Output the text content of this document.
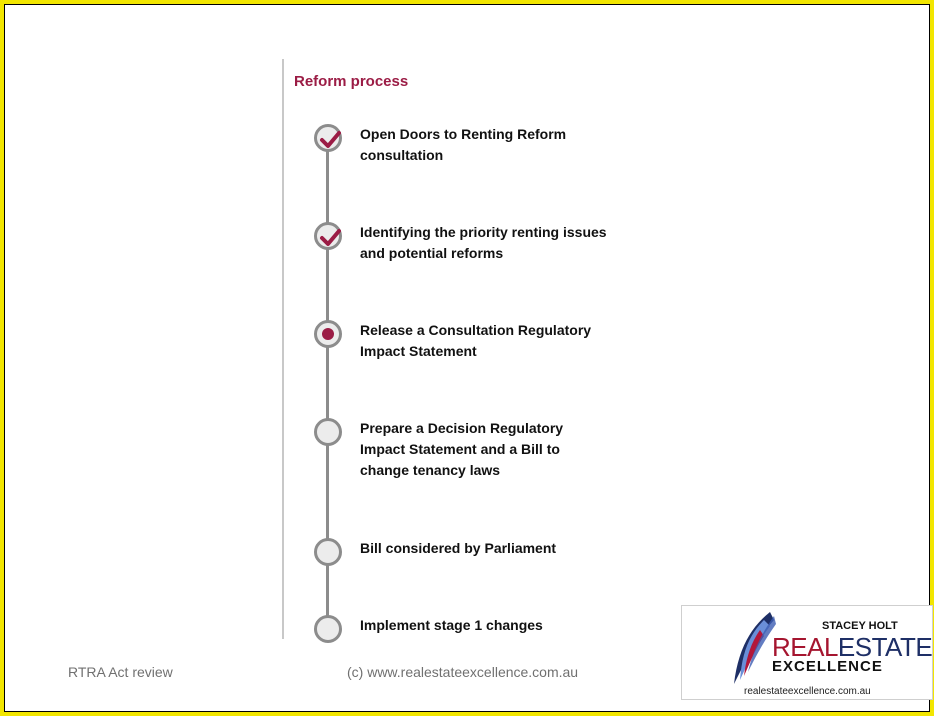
Reform process
Open Doors to Renting Reform consultation
Identifying the priority renting issues and potential reforms
Release a Consultation Regulatory Impact Statement
Prepare a Decision Regulatory Impact Statement and a Bill to change tenancy laws
Bill considered by Parliament
Implement stage 1 changes
RTRA Act review	(c) www.realestateexcellence.com.au
STACEY HOLT
REALESTATE
EXCELLENCE
realestateexcellence.com.au
